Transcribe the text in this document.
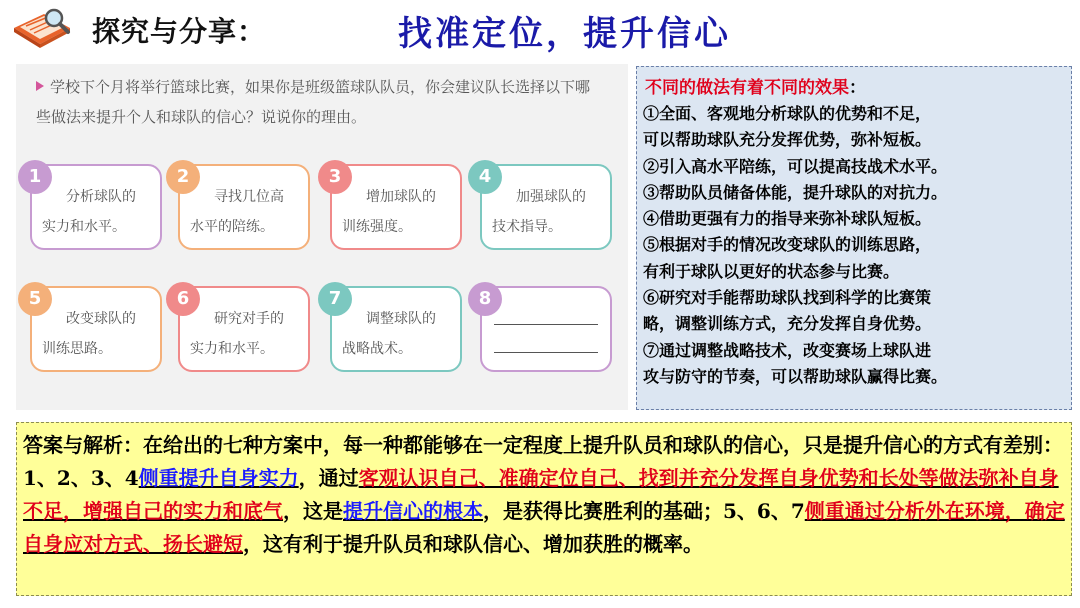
探究与分享：	找准定位，提升信心
学校下个月将举行篮球比赛，如果你是班级篮球队队员，你会建议队长选择以下哪些做法来提升个人和球队的信心？说说你的理由。
1
分析球队的
实力和水平。
2
寻找几位高
水平的陪练。
3
增加球队的
训练强度。
4
加强球队的
技术指导。
5
改变球队的
训练思路。
6
研究对手的
实力和水平。
7
调整球队的
战略战术。
8
不同的做法有着不同的效果：
①全面、客观地分析球队的优势和不足，
可以帮助球队充分发挥优势，弥补短板。
②引入高水平陪练，可以提高技战术水平。
③帮助队员储备体能，提升球队的对抗力。
④借助更强有力的指导来弥补球队短板。
⑤根据对手的情况改变球队的训练思路，
有利于球队以更好的状态参与比赛。
⑥研究对手能帮助球队找到科学的比赛策
略，调整训练方式，充分发挥自身优势。
⑦通过调整战略技术，改变赛场上球队进
攻与防守的节奏，可以帮助球队赢得比赛。
答案与解析：在给出的七种方案中，每一种都能够在一定程度上提升队员和球队的信心，只是提升信心的方式有差别：1、2、3、4侧重提升自身实力，通过客观认识自己、准确定位自己、找到并充分发挥自身优势和长处等做法弥补自身不足，增强自己的实力和底气，这是提升信心的根本，是获得比赛胜利的基础；5、6、7侧重通过分析外在环境，确定自身应对方式、扬长避短，这有利于提升队员和球队信心、增加获胜的概率。
